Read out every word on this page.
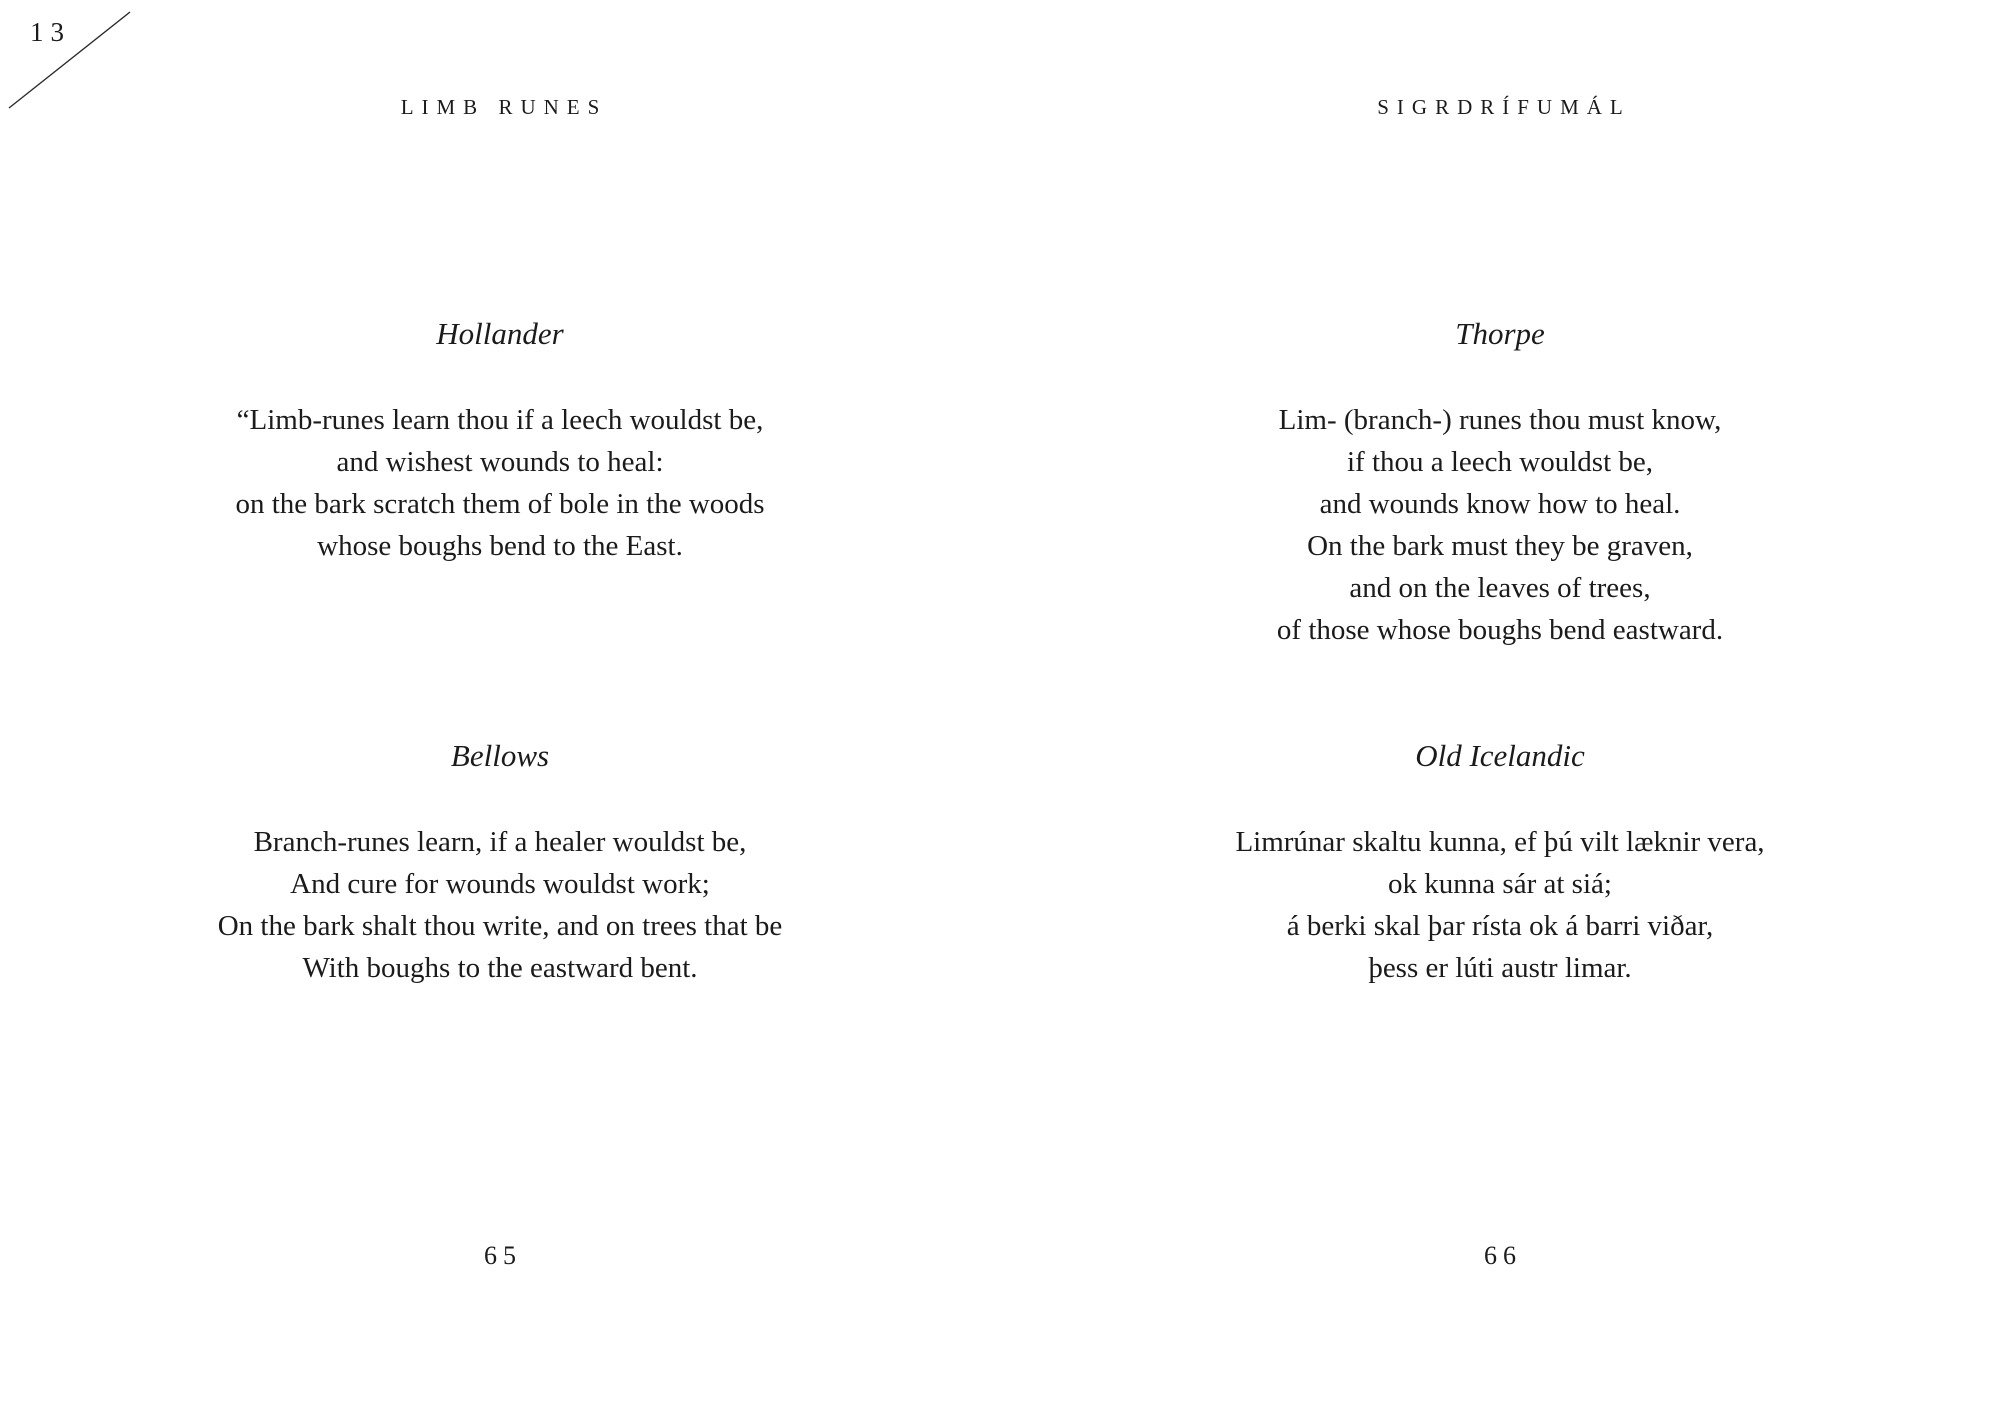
13
LIMB RUNES
Hollander
“Limb-runes learn thou if a leech wouldst be,
and wishest wounds to heal:
on the bark scratch them of bole in the woods
whose boughs bend to the East.
Bellows
Branch-runes learn, if a healer wouldst be,
And cure for wounds wouldst work;
On the bark shalt thou write, and on trees that be
With boughs to the eastward bent.
65
SIGRDRÍFUMÁL
Thorpe
Lim- (branch-) runes thou must know,
if thou a leech wouldst be,
and wounds know how to heal.
On the bark must they be graven,
and on the leaves of trees,
of those whose boughs bend eastward.
Old Icelandic
Limrúnar skaltu kunna, ef þú vilt læknir vera,
ok kunna sár at siá;
á berki skal þar rísta ok á barri viðar,
þess er lúti austr limar.
66
